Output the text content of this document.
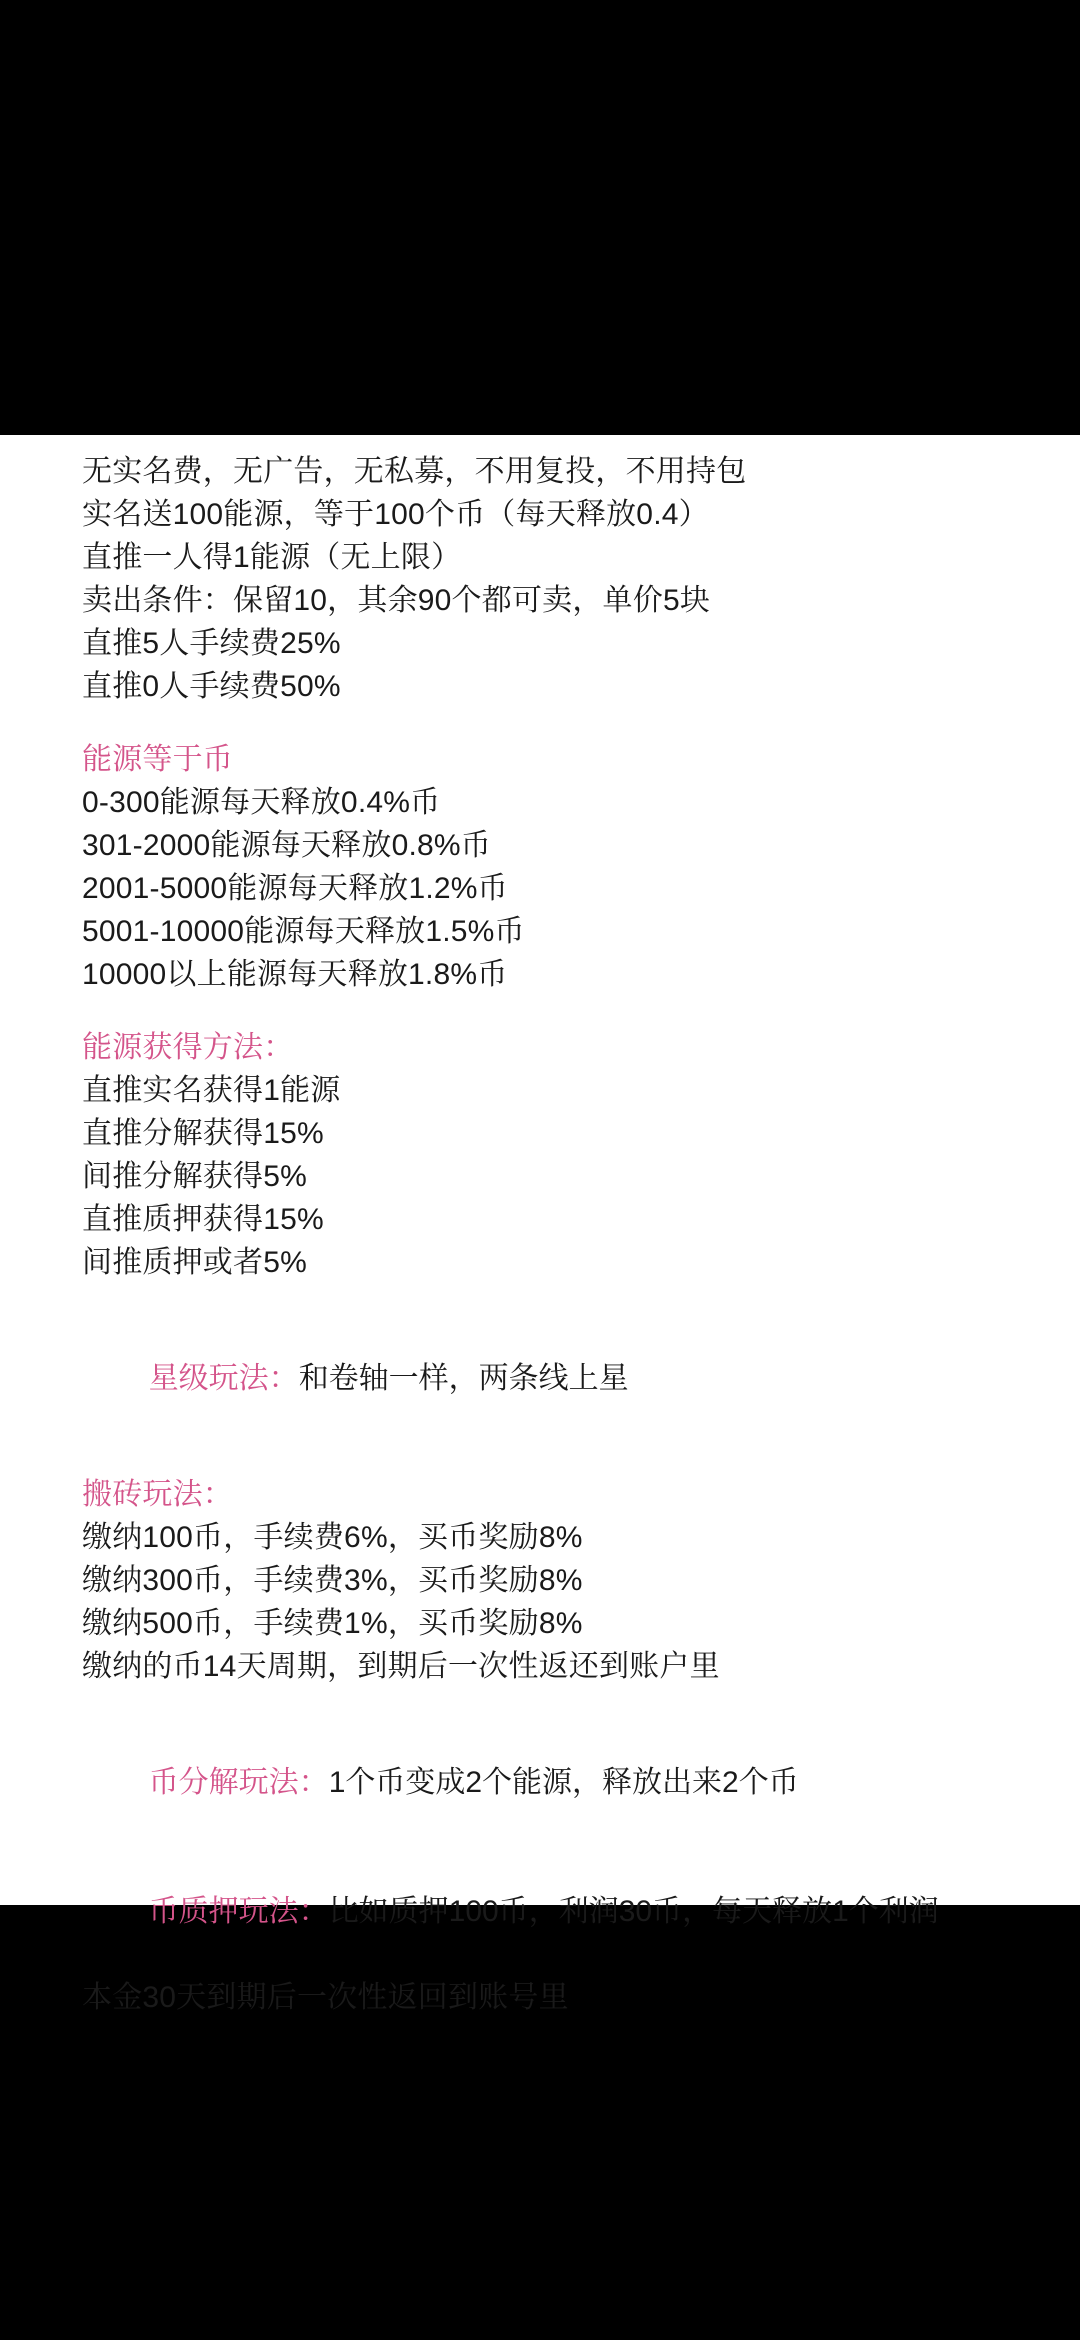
无实名费，无广告，无私募，不用复投，不用持包
实名送100能源，等于100个币（每天释放0.4）
直推一人得1能源（无上限）
卖出条件：保留10，其余90个都可卖，单价5块
直推5人手续费25%
直推0人手续费50%
能源等于币
0-300能源每天释放0.4%币
301-2000能源每天释放0.8%币
2001-5000能源每天释放1.2%币
5001-10000能源每天释放1.5%币
10000以上能源每天释放1.8%币
能源获得方法：
直推实名获得1能源
直推分解获得15%
间推分解获得5%
直推质押获得15%
间推质押或者5%

星级玩法：和卷轴一样，两条线上星

搬砖玩法：
缴纳100币，手续费6%，买币奖励8%
缴纳300币，手续费3%，买币奖励8%
缴纳500币，手续费1%，买币奖励8%
缴纳的币14天周期，到期后一次性返还到账户里

币分解玩法：1个币变成2个能源，释放出来2个币

币质押玩法：比如质押100币，利润30币，每天释放1个利润

本金30天到期后一次性返回到账号里
